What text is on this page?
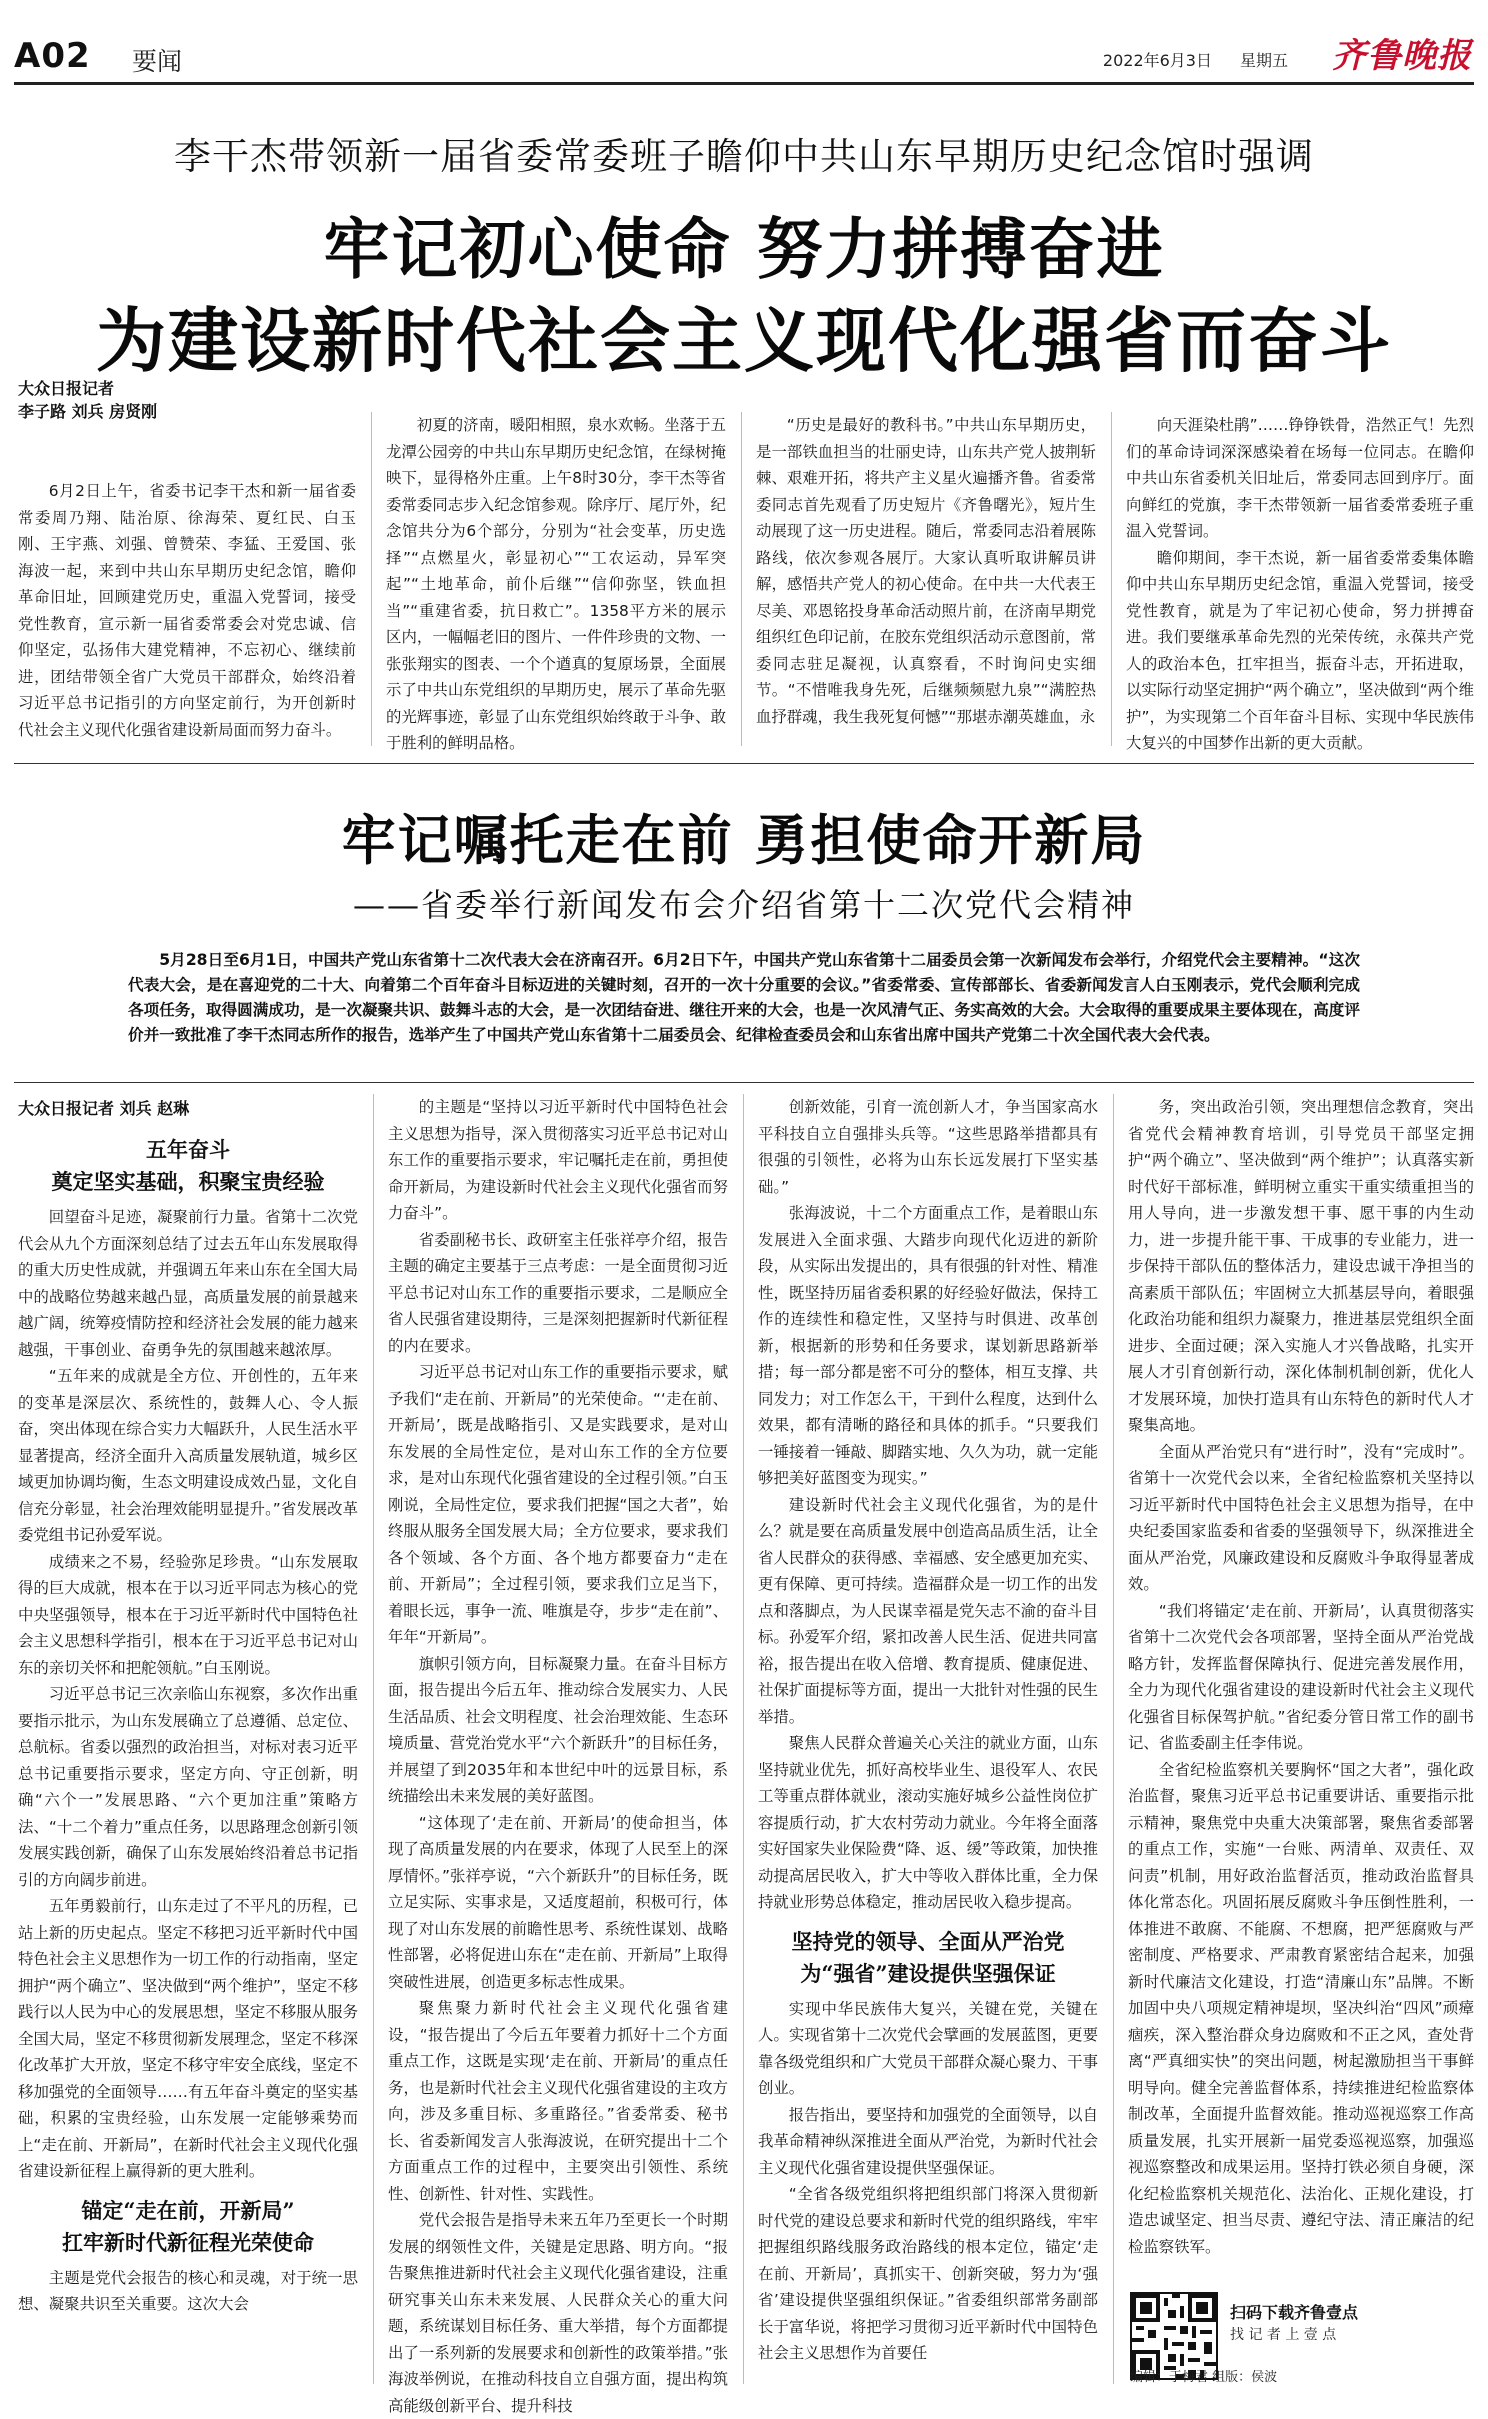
A02 要闻	2022年6月3日 星期五 齐鲁晚报
李干杰带领新一届省委常委班子瞻仰中共山东早期历史纪念馆时强调
牢记初心使命 努力拼搏奋进
为建设新时代社会主义现代化强省而奋斗
大众日报记者
李子路 刘兵 房贤刚

6月2日上午，省委书记李干杰和新一届省委常委周乃翔、陆治原、徐海荣、夏红民、白玉刚、王宇燕、刘强、曾赞荣、李猛、王爱国、张海波一起，来到中共山东早期历史纪念馆，瞻仰革命旧址，回顾建党历史，重温入党誓词，接受党性教育，宣示新一届省委常委会对党忠诚、信仰坚定，弘扬伟大建党精神，不忘初心、继续前进，团结带领全省广大党员干部群众，始终沿着习近平总书记指引的方向坚定前行，为开创新时代社会主义现代化强省建设新局面而努力奋斗。

初夏的济南，暖阳相照，泉水欢畅。坐落于五龙潭公园旁的中共山东早期历史纪念馆，在绿树掩映下，显得格外庄重。上午8时30分，李干杰等省委常委同志步入纪念馆参观。除序厅、尾厅外，纪念馆共分为6个部分，分别为“社会变革，历史选择”“点燃星火，彰显初心”“工农运动，异军突起”“土地革命，前仆后继”“信仰弥坚，铁血担当”“重建省委，抗日救亡”。1358平方米的展示区内，一幅幅老旧的图片、一件件珍贵的文物、一张张翔实的图表、一个个遒真的复原场景，全面展示了中共山东党组织的早期历史，展示了革命先驱的光辉事迹，彰显了山东党组织始终敢于斗争、敢于胜利的鲜明品格。

“历史是最好的教科书。”中共山东早期历史，是一部铁血担当的壮丽史诗，山东共产党人披荆斩棘、艰难开拓，将共产主义星火遍播齐鲁。省委常委同志首先观看了历史短片《齐鲁曙光》，短片生动展现了这一历史进程。随后，常委同志沿着展陈路线，依次参观各展厅。大家认真听取讲解员讲解，感悟共产党人的初心使命。在中共一大代表王尽美、邓恩铭投身革命活动照片前，在济南早期党组织红色印记前，在胶东党组织活动示意图前，常委同志驻足凝视，认真察看，不时询问史实细节。“不惜唯我身先死，后继频频慰九泉”“满腔热血抒群魂，我生我死复何憾”“那堪赤潮英雄血，永

向天涯染杜鹃”……铮铮铁骨，浩然正气！先烈们的革命诗词深深感染着在场每一位同志。在瞻仰中共山东省委机关旧址后，常委同志回到序厅。面向鲜红的党旗，李干杰带领新一届省委常委班子重温入党誓词。

瞻仰期间，李干杰说，新一届省委常委集体瞻仰中共山东早期历史纪念馆，重温入党誓词，接受党性教育，就是为了牢记初心使命，努力拼搏奋进。我们要继承革命先烈的光荣传统，永葆共产党人的政治本色，扛牢担当，振奋斗志，开拓进取，以实际行动坚定拥护“两个确立”，坚决做到“两个维护”，为实现第二个百年奋斗目标、实现中华民族伟大复兴的中国梦作出新的更大贡献。

牢记嘱托走在前 勇担使命开新局
——省委举行新闻发布会介绍省第十二次党代会精神
5月28日至6月1日，中国共产党山东省第十二次代表大会在济南召开。6月2日下午，中国共产党山东省第十二届委员会第一次新闻发布会举行，介绍党代会主要精神。“这次代表大会，是在喜迎党的二十大、向着第二个百年奋斗目标迈进的关键时刻，召开的一次十分重要的会议。”省委常委、宣传部部长、省委新闻发言人白玉刚表示，党代会顺利完成各项任务，取得圆满成功，是一次凝聚共识、鼓舞斗志的大会，是一次团结奋进、继往开来的大会，也是一次风清气正、务实高效的大会。大会取得的重要成果主要体现在，高度评价并一致批准了李干杰同志所作的报告，选举产生了中国共产党山东省第十二届委员会、纪律检查委员会和山东省出席中国共产党第二十次全国代表大会代表。
大众日报记者 刘兵 赵琳
五年奋斗
奠定坚实基础，积聚宝贵经验

回望奋斗足迹，凝聚前行力量。省第十二次党代会从九个方面深刻总结了过去五年山东发展取得的重大历史性成就，并强调五年来山东在全国大局中的战略位势越来越凸显，高质量发展的前景越来越广阔，统筹疫情防控和经济社会发展的能力越来越强，干事创业、奋勇争先的氛围越来越浓厚。

“五年来的成就是全方位、开创性的，五年来的变革是深层次、系统性的，鼓舞人心、令人振奋，突出体现在综合实力大幅跃升，人民生活水平显著提高，经济全面升入高质量发展轨道，城乡区域更加协调均衡，生态文明建设成效凸显，文化自信充分彰显，社会治理效能明显提升。”省发展改革委党组书记孙爱军说。

成绩来之不易，经验弥足珍贵。“山东发展取得的巨大成就，根本在于以习近平同志为核心的党中央坚强领导，根本在于习近平新时代中国特色社会主义思想科学指引，根本在于习近平总书记对山东的亲切关怀和把舵领航。”白玉刚说。

习近平总书记三次亲临山东视察，多次作出重要指示批示，为山东发展确立了总遵循、总定位、总航标。省委以强烈的政治担当，对标对表习近平总书记重要指示要求，坚定方向、守正创新，明确“六个一”发展思路、“六个更加注重”策略方法、“十二个着力”重点任务，以思路理念创新引领发展实践创新，确保了山东发展始终沿着总书记指引的方向阔步前进。

五年勇毅前行，山东走过了不平凡的历程，已站上新的历史起点。坚定不移把习近平新时代中国特色社会主义思想作为一切工作的行动指南，坚定拥护“两个确立”、坚决做到“两个维护”，坚定不移践行以人民为中心的发展思想，坚定不移服从服务全国大局，坚定不移贯彻新发展理念，坚定不移深化改革扩大开放，坚定不移守牢安全底线，坚定不移加强党的全面领导……有五年奋斗奠定的坚实基础，积累的宝贵经验，山东发展一定能够乘势而上“走在前、开新局”，在新时代社会主义现代化强省建设新征程上赢得新的更大胜利。

锚定“走在前，开新局”
扛牢新时代新征程光荣使命

主题是党代会报告的核心和灵魂，对于统一思想、凝聚共识至关重要。这次大会

的主题是“坚持以习近平新时代中国特色社会主义思想为指导，深入贯彻落实习近平总书记对山东工作的重要指示要求，牢记嘱托走在前，勇担使命开新局，为建设新时代社会主义现代化强省而努力奋斗”。

省委副秘书长、政研室主任张祥亭介绍，报告主题的确定主要基于三点考虑：一是全面贯彻习近平总书记对山东工作的重要指示要求，二是顺应全省人民强省建设期待，三是深刻把握新时代新征程的内在要求。

习近平总书记对山东工作的重要指示要求，赋予我们“走在前、开新局”的光荣使命。“‘走在前、开新局’，既是战略指引、又是实践要求，是对山东发展的全局性定位，是对山东工作的全方位要求，是对山东现代化强省建设的全过程引领。”白玉刚说，全局性定位，要求我们把握“国之大者”，始终服从服务全国发展大局；全方位要求，要求我们各个领域、各个方面、各个地方都要奋力“走在前、开新局”；全过程引领，要求我们立足当下，着眼长远，事争一流、唯旗是夺，步步“走在前”、年年“开新局”。

旗帜引领方向，目标凝聚力量。在奋斗目标方面，报告提出今后五年、推动综合发展实力、人民生活品质、社会文明程度、社会治理效能、生态环境质量、营党治党水平“六个新跃升”的目标任务，并展望了到2035年和本世纪中叶的远景目标，系统描绘出未来发展的美好蓝图。

“这体现了‘走在前、开新局’的使命担当，体现了高质量发展的内在要求，体现了人民至上的深厚情怀。”张祥亭说，“六个新跃升”的目标任务，既立足实际、实事求是，又适度超前，积极可行，体现了对山东发展的前瞻性思考、系统性谋划、战略性部署，必将促进山东在“走在前、开新局”上取得突破性进展，创造更多标志性成果。

聚焦聚力新时代社会主义现代化强省建设，“报告提出了今后五年要着力抓好十二个方面重点工作，这既是实现‘走在前、开新局’的重点任务，也是新时代社会主义现代化强省建设的主攻方向，涉及多重目标、多重路径。”省委常委、秘书长、省委新闻发言人张海波说，在研究提出十二个方面重点工作的过程中，主要突出引领性、系统性、创新性、针对性、实践性。

党代会报告是指导未来五年乃至更长一个时期发展的纲领性文件，关键是定思路、明方向。“报告聚焦推进新时代社会主义现代化强省建设，注重研究事关山东未来发展、人民群众关心的重大问题，系统谋划目标任务、重大举措，每个方面都提出了一系列新的发展要求和创新性的政策举措。”张海波举例说，在推动科技自立自强方面，提出构筑高能级创新平台、提升科技

创新效能，引育一流创新人才，争当国家高水平科技自立自强排头兵等。“这些思路举措都具有很强的引领性，必将为山东长远发展打下坚实基础。”

张海波说，十二个方面重点工作，是着眼山东发展进入全面求强、大踏步向现代化迈进的新阶段，从实际出发提出的，具有很强的针对性、精准性，既坚持历届省委积累的好经验好做法，保持工作的连续性和稳定性，又坚持与时俱进、改革创新，根据新的形势和任务要求，谋划新思路新举措；每一部分都是密不可分的整体，相互支撑、共同发力；对工作怎么干，干到什么程度，达到什么效果，都有清晰的路径和具体的抓手。“只要我们一锤接着一锤敲、脚踏实地、久久为功，就一定能够把美好蓝图变为现实。”

建设新时代社会主义现代化强省，为的是什么？就是要在高质量发展中创造高品质生活，让全省人民群众的获得感、幸福感、安全感更加充实、更有保障、更可持续。造福群众是一切工作的出发点和落脚点，为人民谋幸福是党矢志不渝的奋斗目标。孙爱军介绍，紧扣改善人民生活、促进共同富裕，报告提出在收入倍增、教育提质、健康促进、社保扩面提标等方面，提出一大批针对性强的民生举措。

聚焦人民群众普遍关心关注的就业方面，山东坚持就业优先，抓好高校毕业生、退役军人、农民工等重点群体就业，滚动实施好城乡公益性岗位扩容提质行动，扩大农村劳动力就业。今年将全面落实好国家失业保险费“降、返、缓”等政策，加快推动提高居民收入，扩大中等收入群体比重，全力保持就业形势总体稳定，推动居民收入稳步提高。

坚持党的领导、全面从严治党
为“强省”建设提供坚强保证

实现中华民族伟大复兴，关键在党，关键在人。实现省第十二次党代会擘画的发展蓝图，更要靠各级党组织和广大党员干部群众凝心聚力、干事创业。

报告指出，要坚持和加强党的全面领导，以自我革命精神纵深推进全面从严治党，为新时代社会主义现代化强省建设提供坚强保证。

“全省各级党组织将把组织部门将深入贯彻新时代党的建设总要求和新时代党的组织路线，牢牢把握组织路线服务政治路线的根本定位，锚定‘走在前、开新局’，真抓实干、创新突破，努力为‘强省’建设提供坚强组织保证。”省委组织部常务副部长于富华说，将把学习贯彻习近平新时代中国特色社会主义思想作为首要任

务，突出政治引领，突出理想信念教育，突出省党代会精神教育培训，引导党员干部坚定拥护“两个确立”、坚决做到“两个维护”；认真落实新时代好干部标准，鲜明树立重实干重实绩重担当的用人导向，进一步激发想干事、愿干事的内生动力，进一步提升能干事、干成事的专业能力，进一步保持干部队伍的整体活力，建设忠诚干净担当的高素质干部队伍；牢固树立大抓基层导向，着眼强化政治功能和组织力凝聚力，推进基层党组织全面进步、全面过硬；深入实施人才兴鲁战略，扎实开展人才引育创新行动，深化体制机制创新，优化人才发展环境，加快打造具有山东特色的新时代人才聚集高地。

全面从严治党只有“进行时”，没有“完成时”。省第十一次党代会以来，全省纪检监察机关坚持以习近平新时代中国特色社会主义思想为指导，在中央纪委国家监委和省委的坚强领导下，纵深推进全面从严治党，风廉政建设和反腐败斗争取得显著成效。

“我们将锚定‘走在前、开新局’，认真贯彻落实省第十二次党代会各项部署，坚持全面从严治党战略方针，发挥监督保障执行、促进完善发展作用，全力为现代化强省建设的建设新时代社会主义现代化强省目标保驾护航。”省纪委分管日常工作的副书记、省监委副主任李伟说。

全省纪检监察机关要胸怀“国之大者”，强化政治监督，聚焦习近平总书记重要讲话、重要指示批示精神，聚焦党中央重大决策部署，聚焦省委部署的重点工作，实施“一台账、两清单、双责任、双问责”机制，用好政治监督活页，推动政治监督具体化常态化。巩固拓展反腐败斗争压倒性胜利，一体推进不敢腐、不能腐、不想腐，把严惩腐败与严密制度、严格要求、严肃教育紧密结合起来，加强新时代廉洁文化建设，打造“清廉山东”品牌。不断加固中央八项规定精神堤坝，坚决纠治“四风”顽瘴痼疾，深入整治群众身边腐败和不正之风，查处背离“严真细实快”的突出问题，树起激励担当干事鲜明导向。健全完善监督体系，持续推进纪检监察体制改革，全面提升监督效能。推动巡视巡察工作高质量发展，扎实开展新一届党委巡视巡察，加强巡视巡察整改和成果运用。坚持打铁必须自身硬，深化纪检监察机关规范化、法治化、正规化建设，打造忠诚坚定、担当尽责、遵纪守法、清正廉洁的纪检监察铁军。

扫码下载齐鲁壹点
找 记 者 上 壹 点
编辑：于梅君 组版：侯波
